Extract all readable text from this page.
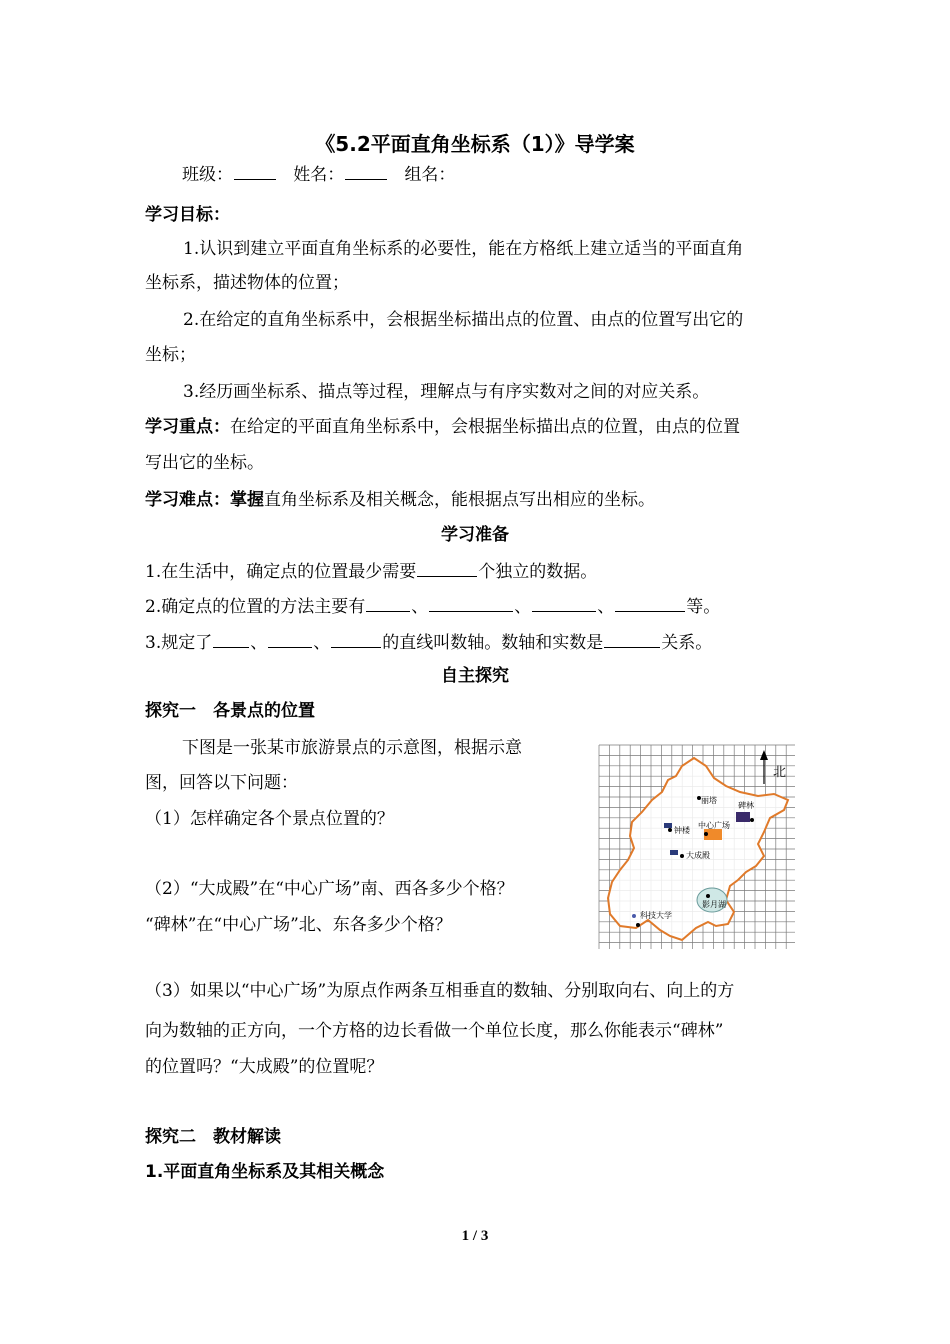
《5.2平面直角坐标系（1）》导学案
班级：	姓名：	组名：
学习目标：
1.认识到建立平面直角坐标系的必要性，能在方格纸上建立适当的平面直角
坐标系，描述物体的位置；
2.在给定的直角坐标系中，会根据坐标描出点的位置、由点的位置写出它的
坐标；
3.经历画坐标系、描点等过程，理解点与有序实数对之间的对应关系。
学习重点：在给定的平面直角坐标系中，会根据坐标描出点的位置，由点的位置
写出它的坐标。
学习难点：掌握直角坐标系及相关概念，能根据点写出相应的坐标。
学习准备
1.在生活中，确定点的位置最少需要	个独立的数据。
2.确定点的位置的方法主要有	、	、	、	等。
3.规定了 、	、	的直线叫数轴。数轴和实数是	关系。
自主探究
探究一　各景点的位置
下图是一张某市旅游景点的示意图，根据示意
图，回答以下问题：
（1）怎样确定各个景点位置的？
（2）“大成殿”在“中心广场”南、西各多少个格？
“碑林”在“中心广场”北、东各多少个格？
（3）如果以“中心广场”为原点作两条互相垂直的数轴、分别取向右、向上的方
向为数轴的正方向，一个方格的边长看做一个单位长度，那么你能表示“碑林”
的位置吗？“大成殿”的位置呢？
探究二　教材解读
1.平面直角坐标系及其相关概念
北
丽塔
碑林
钟楼
中心广场
大成殿
影月湖
科技大学
1 / 3
